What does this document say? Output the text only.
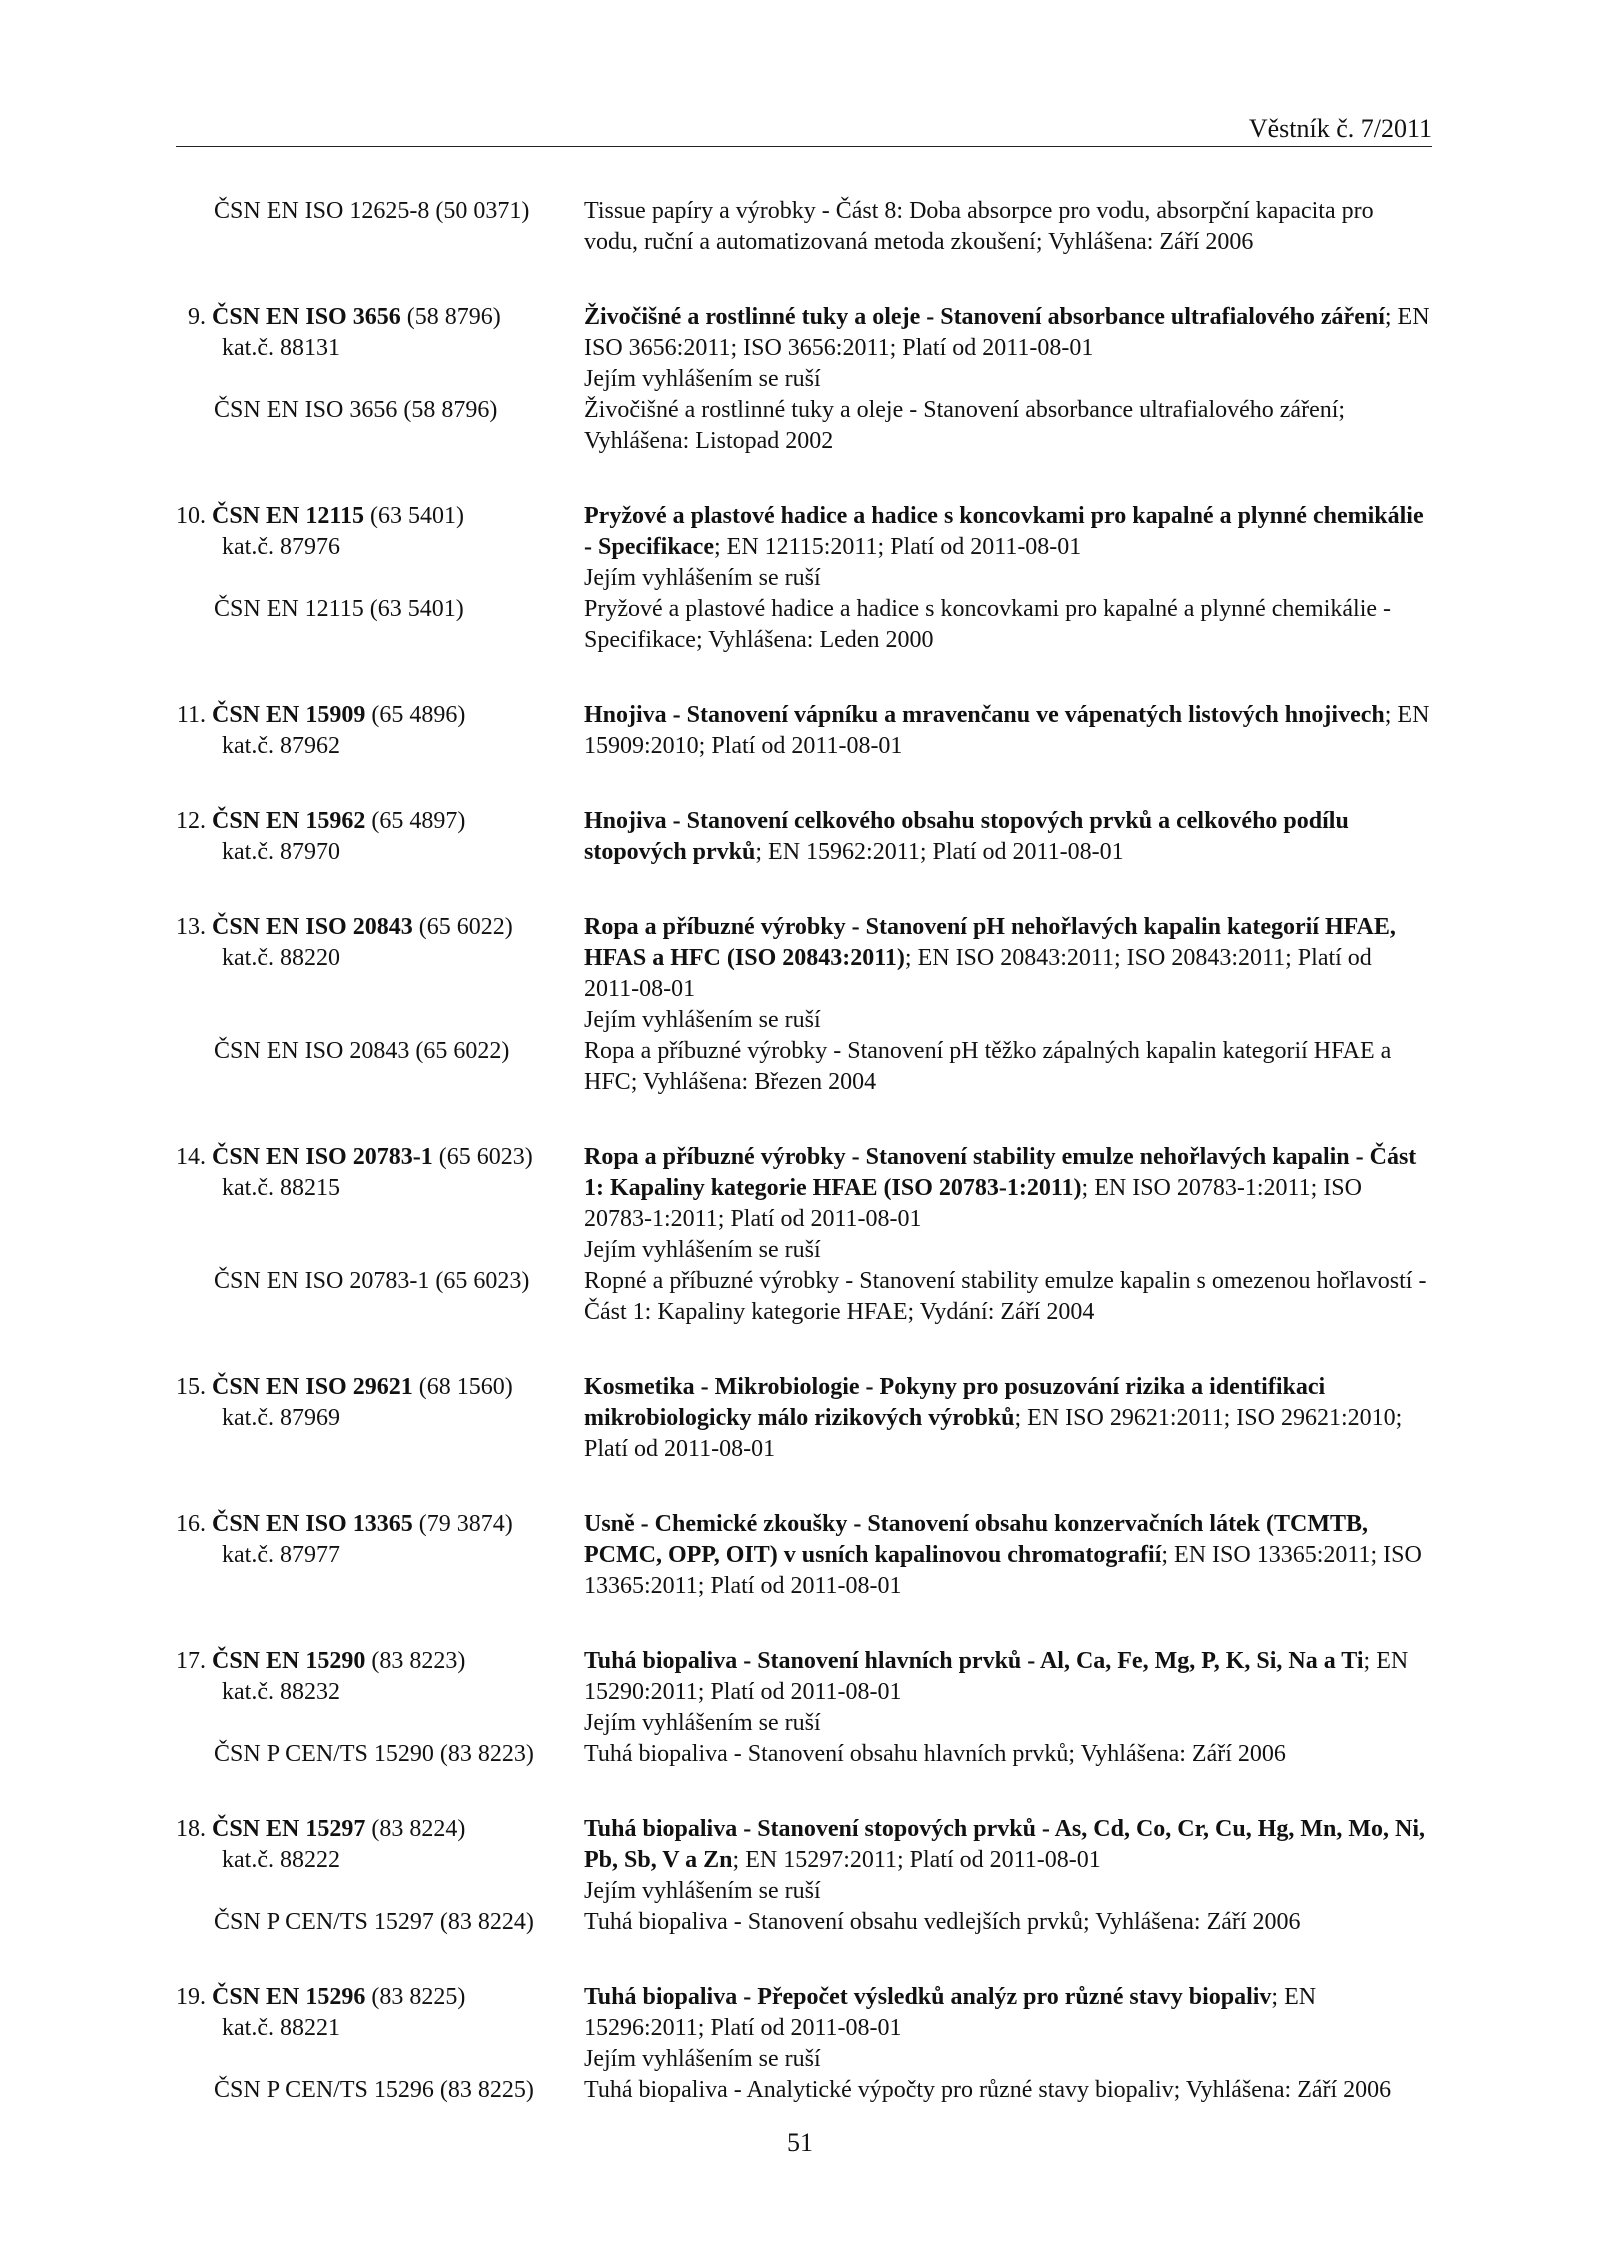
Věstník č. 7/2011
ČSN EN ISO 12625-8 (50 0371)	Tissue papíry a výrobky - Část 8: Doba absorpce pro vodu, absorpční kapacita pro vodu, ruční a automatizovaná metoda zkoušení; Vyhlášena: Září 2006

9. ČSN EN ISO 3656 (58 8796)
kat.č. 88131
ČSN EN ISO 3656 (58 8796)

Živočišné a rostlinné tuky a oleje - Stanovení absorbance ultrafialového záření; EN ISO 3656:2011; ISO 3656:2011; Platí od 2011-08-01

Jejím vyhlášením se ruší

Živočišné a rostlinné tuky a oleje - Stanovení absorbance ultrafialového záření; Vyhlášena: Listopad 2002

10. ČSN EN 12115 (63 5401)
kat.č. 87976
ČSN EN 12115 (63 5401)

Pryžové a plastové hadice a hadice s koncovkami pro kapalné a plynné chemikálie - Specifikace; EN 12115:2011; Platí od 2011-08-01

Jejím vyhlášením se ruší

Pryžové a plastové hadice a hadice s koncovkami pro kapalné a plynné chemikálie - Specifikace; Vyhlášena: Leden 2000

11. ČSN EN 15909 (65 4896)
kat.č. 87962

Hnojiva - Stanovení vápníku a mravenčanu ve vápenatých listových hnojivech; EN 15909:2010; Platí od 2011-08-01

12. ČSN EN 15962 (65 4897)
kat.č. 87970

Hnojiva - Stanovení celkového obsahu stopových prvků a celkového podílu stopových prvků; EN 15962:2011; Platí od 2011-08-01

13. ČSN EN ISO 20843 (65 6022)
kat.č. 88220
ČSN EN ISO 20843 (65 6022)

Ropa a příbuzné výrobky - Stanovení pH nehořlavých kapalin kategorií HFAE, HFAS a HFC (ISO 20843:2011); EN ISO 20843:2011; ISO 20843:2011; Platí od 2011-08-01

Jejím vyhlášením se ruší

Ropa a příbuzné výrobky - Stanovení pH těžko zápalných kapalin kategorií HFAE a HFC; Vyhlášena: Březen 2004

14. ČSN EN ISO 20783-1 (65 6023)
kat.č. 88215
ČSN EN ISO 20783-1 (65 6023)

Ropa a příbuzné výrobky - Stanovení stability emulze nehořlavých kapalin - Část 1: Kapaliny kategorie HFAE (ISO 20783-1:2011); EN ISO 20783-1:2011; ISO 20783-1:2011; Platí od 2011-08-01

Jejím vyhlášením se ruší

Ropné a příbuzné výrobky - Stanovení stability emulze kapalin s omezenou hořlavostí - Část 1: Kapaliny kategorie HFAE; Vydání: Září 2004

15. ČSN EN ISO 29621 (68 1560)
kat.č. 87969

Kosmetika - Mikrobiologie - Pokyny pro posuzování rizika a identifikaci mikrobiologicky málo rizikových výrobků; EN ISO 29621:2011; ISO 29621:2010; Platí od 2011-08-01

16. ČSN EN ISO 13365 (79 3874)
kat.č. 87977

Usně - Chemické zkoušky - Stanovení obsahu konzervačních látek (TCMTB, PCMC, OPP, OIT) v usních kapalinovou chromatografií; EN ISO 13365:2011; ISO 13365:2011; Platí od 2011-08-01

17. ČSN EN 15290 (83 8223)
kat.č. 88232
ČSN P CEN/TS 15290 (83 8223)

Tuhá biopaliva - Stanovení hlavních prvků - Al, Ca, Fe, Mg, P, K, Si, Na a Ti; EN 15290:2011; Platí od 2011-08-01

Jejím vyhlášením se ruší

Tuhá biopaliva - Stanovení obsahu hlavních prvků; Vyhlášena: Září 2006

18. ČSN EN 15297 (83 8224)
kat.č. 88222
ČSN P CEN/TS 15297 (83 8224)

Tuhá biopaliva - Stanovení stopových prvků - As, Cd, Co, Cr, Cu, Hg, Mn, Mo, Ni, Pb, Sb, V a Zn; EN 15297:2011; Platí od 2011-08-01

Jejím vyhlášením se ruší

Tuhá biopaliva - Stanovení obsahu vedlejších prvků; Vyhlášena: Září 2006

19. ČSN EN 15296 (83 8225)
kat.č. 88221
ČSN P CEN/TS 15296 (83 8225)

Tuhá biopaliva - Přepočet výsledků analýz pro různé stavy biopaliv; EN 15296:2011; Platí od 2011-08-01

Jejím vyhlášením se ruší

Tuhá biopaliva - Analytické výpočty pro různé stavy biopaliv; Vyhlášena: Září 2006

51
